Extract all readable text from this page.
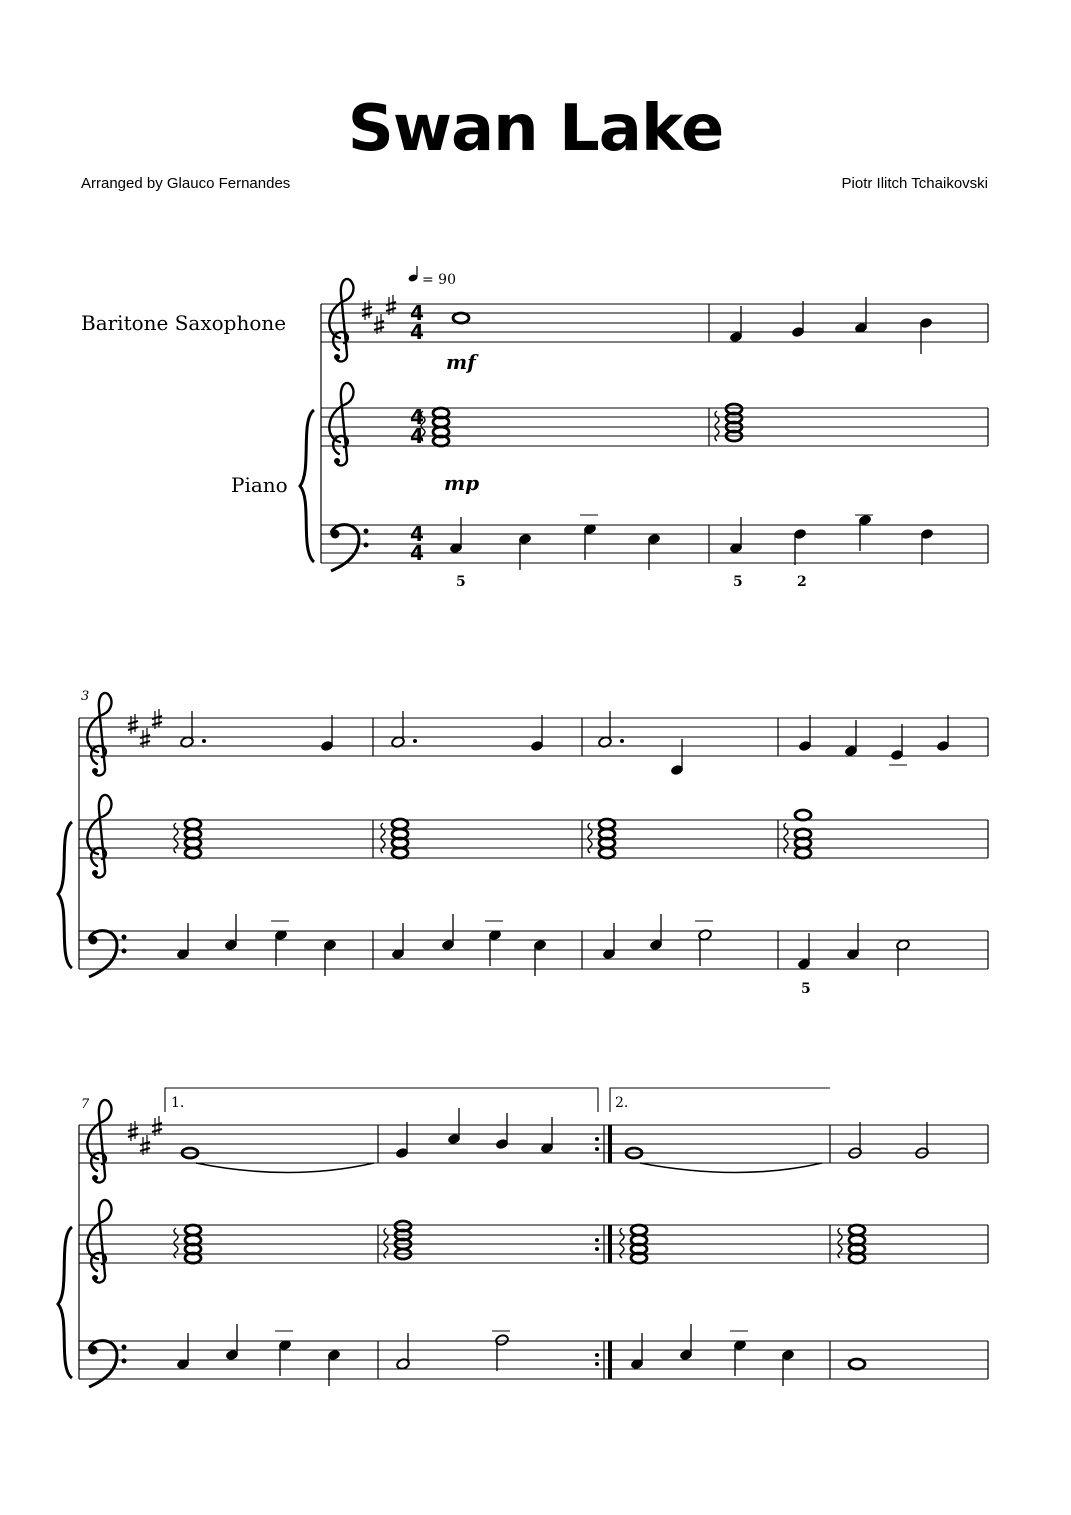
Swan Lake
Arranged by Glauco Fernandes	Piotr Ilitch Tchaikovski
Baritone Saxophone
Piano
= 90
4
4
4
4
4
4
mf
mp
5	5	2
3
5
7	1.	2.
